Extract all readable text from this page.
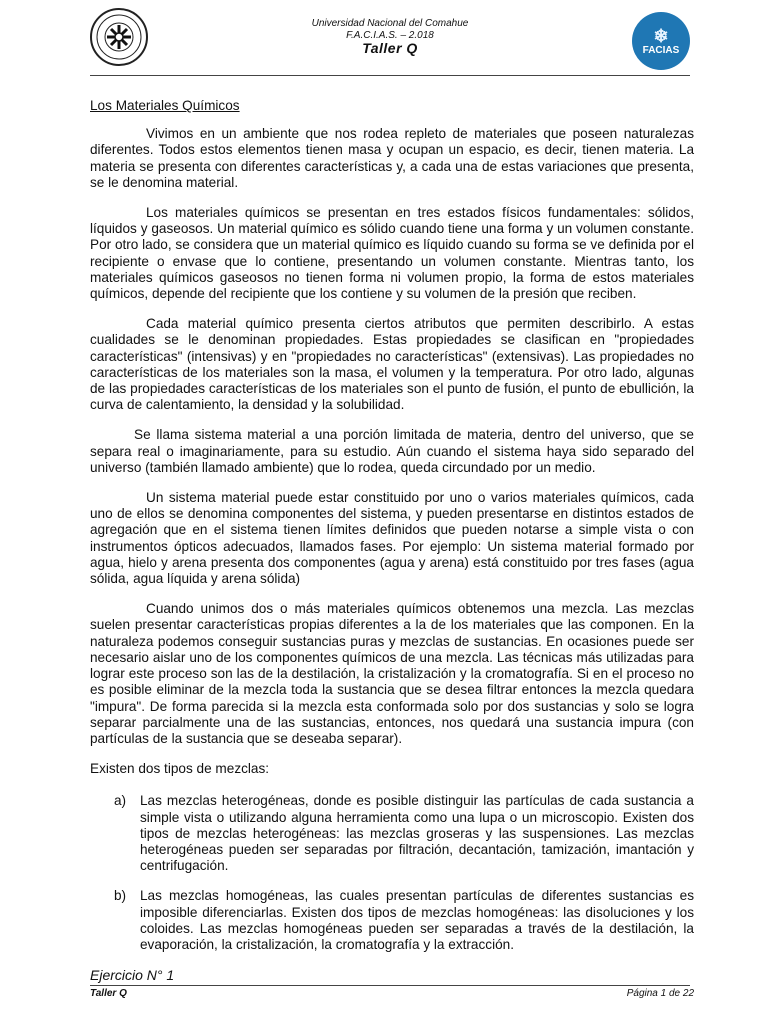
Universidad Nacional del Comahue
F.A.C.I.A.S. – 2.018
Taller Q
❄
FACIAS
Los Materiales Químicos

Vivimos en un ambiente que nos rodea repleto de materiales que poseen naturalezas diferentes. Todos estos elementos tienen masa y ocupan un espacio, es decir, tienen materia. La materia se presenta con diferentes características y, a cada una de estas variaciones que presenta, se le denomina material.

Los materiales químicos se presentan en tres estados físicos fundamentales: sólidos, líquidos y gaseosos. Un material químico es sólido cuando tiene una forma y un volumen constante. Por otro lado, se considera que un material químico es líquido cuando su forma se ve definida por el recipiente o envase que lo contiene, presentando un volumen constante. Mientras tanto, los materiales químicos gaseosos no tienen forma ni volumen propio, la forma de estos materiales químicos, depende del recipiente que los contiene y su volumen de la presión que reciben.

Cada material químico presenta ciertos atributos que permiten describirlo. A estas cualidades se le denominan propiedades. Estas propiedades se clasifican en "propiedades características" (intensivas) y en "propiedades no características" (extensivas). Las propiedades no características de los materiales son la masa, el volumen y la temperatura. Por otro lado, algunas de las propiedades características de los materiales son el punto de fusión, el punto de ebullición, la curva de calentamiento, la densidad y la solubilidad.

Se llama sistema material a una porción limitada de materia, dentro del universo, que se separa real o imaginariamente, para su estudio. Aún cuando el sistema haya sido separado del universo (también llamado ambiente) que lo rodea, queda circundado por un medio.

Un sistema material puede estar constituido por uno o varios materiales químicos, cada uno de ellos se denomina componentes del sistema, y pueden presentarse en distintos estados de agregación que en el sistema tienen límites definidos que pueden notarse a simple vista o con instrumentos ópticos adecuados, llamados fases. Por ejemplo: Un sistema material formado por agua, hielo y arena presenta dos componentes (agua y arena) está constituido por tres fases (agua sólida, agua líquida y arena sólida)

Cuando unimos dos o más materiales químicos obtenemos una mezcla. Las mezclas suelen presentar características propias diferentes a la de los materiales que las componen. En la naturaleza podemos conseguir sustancias puras y mezclas de sustancias. En ocasiones puede ser necesario aislar uno de los componentes químicos de una mezcla. Las técnicas más utilizadas para lograr este proceso son las de la destilación, la cristalización y la cromatografía. Si en el proceso no es posible eliminar de la mezcla toda la sustancia que se desea filtrar entonces la mezcla quedara "impura". De forma parecida si la mezcla esta conformada solo por dos sustancias y solo se logra separar parcialmente una de las sustancias, entonces, nos quedará una sustancia impura (con partículas de la sustancia que se deseaba separar).

Existen dos tipos de mezclas:

a) Las mezclas heterogéneas, donde es posible distinguir las partículas de cada sustancia a simple vista o utilizando alguna herramienta como una lupa o un microscopio. Existen dos tipos de mezclas heterogéneas: las mezclas groseras y las suspensiones. Las mezclas heterogéneas pueden ser separadas por filtración, decantación, tamización, imantación y centrifugación.
b) Las mezclas homogéneas, las cuales presentan partículas de diferentes sustancias es imposible diferenciarlas. Existen dos tipos de mezclas homogéneas: las disoluciones y los coloides. Las mezclas homogéneas pueden ser separadas a través de la destilación, la evaporación, la cristalización, la cromatografía y la extracción.
Ejercicio N° 1
Taller Q	Página 1 de 22
